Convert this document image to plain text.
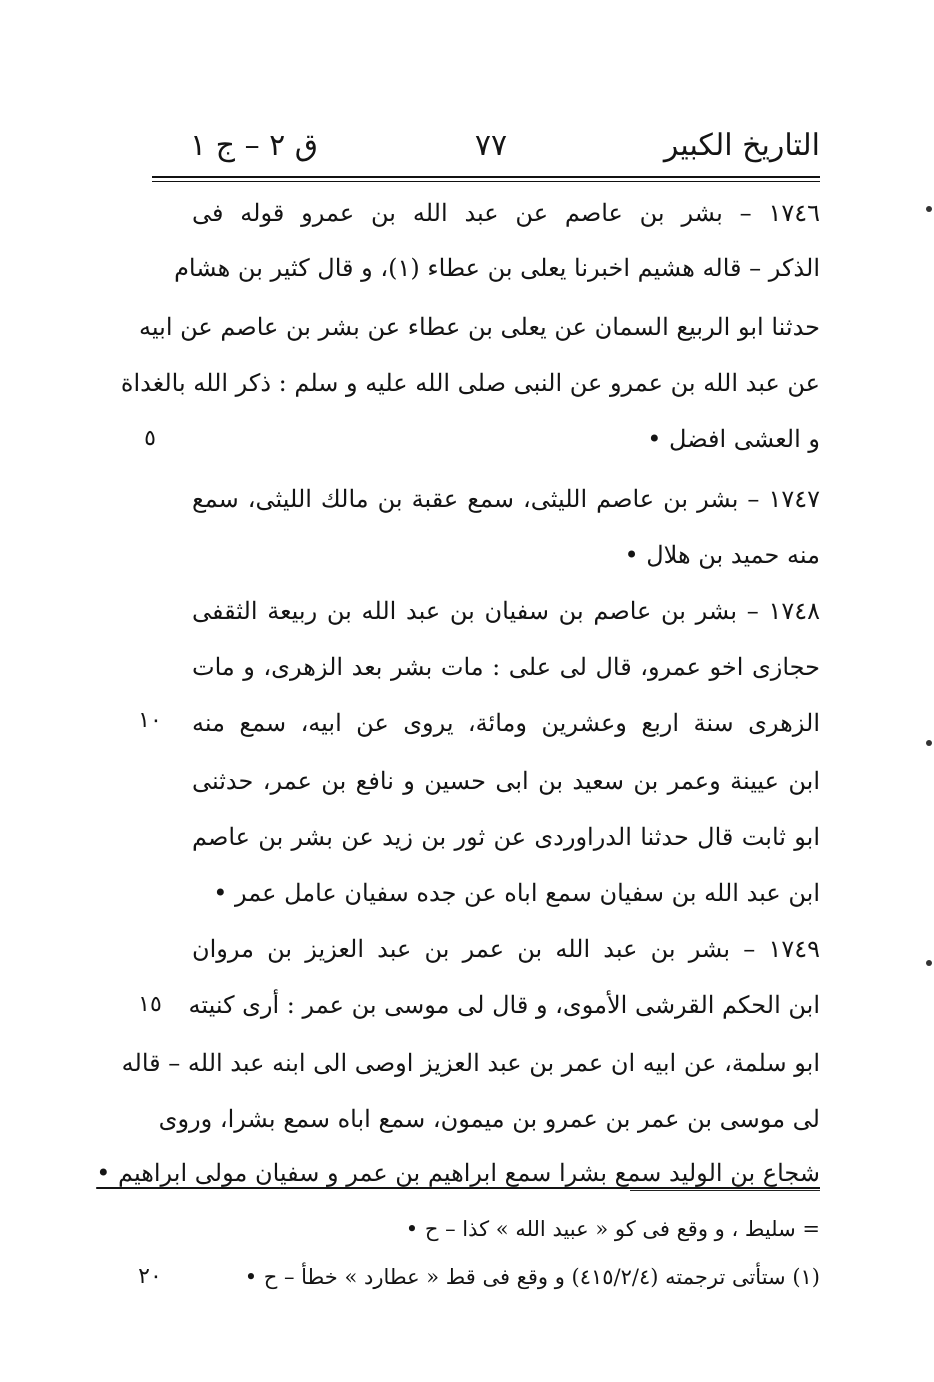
ق ٢ – ج ١	٧٧	التاريخ الكبير
١٧٤٦ – بشر بن عاصم عن عبد الله بن عمرو قوله فى
الذكر – قاله هشيم اخبرنا يعلى بن عطاء (١)، و قال كثير بن هشام
حدثنا ابو الربيع السمان عن يعلى بن عطاء عن بشر بن عاصم عن ابيه
عن عبد الله بن عمرو عن النبى صلى الله عليه و سلم : ذكر الله بالغداة
و العشى افضل •
١٧٤٧ – بشر بن عاصم الليثى، سمع عقبة بن مالك الليثى، سمع
منه حميد بن هلال •
١٧٤٨ – بشر بن عاصم بن سفيان بن عبد الله بن ربيعة الثقفى
حجازى اخو عمرو، قال لى على : مات بشر بعد الزهرى، و مات
الزهرى سنة اربع وعشرين ومائة، يروى عن ابيه، سمع منه
ابن عيينة وعمر بن سعيد بن ابى حسين و نافع بن عمر، حدثنى
ابو ثابت قال حدثنا الدراوردى عن ثور بن زيد عن بشر بن عاصم
ابن عبد الله بن سفيان سمع اباه عن جده سفيان عامل عمر •
١٧٤٩ – بشر بن عبد الله بن عمر بن عبد العزيز بن مروان
ابن الحكم القرشى الأموى، و قال لى موسى بن عمر : أرى كنيته
ابو سلمة، عن ابيه ان عمر بن عبد العزيز اوصى الى ابنه عبد الله – قاله
لى موسى بن عمر بن عمرو بن ميمون، سمع اباه سمع بشرا، وروى
شجاع بن الوليد سمع بشرا سمع ابراهيم بن عمر و سفيان مولى ابراهيم •
= سليط ، و وقع فى كو « عبيد الله » كذا – ح •
(١) ستأتى ترجمته (٤١٥/٢/٤) و وقع فى قط « عطارد » خطأ – ح •
٥
١٠
١٥
٢٠
